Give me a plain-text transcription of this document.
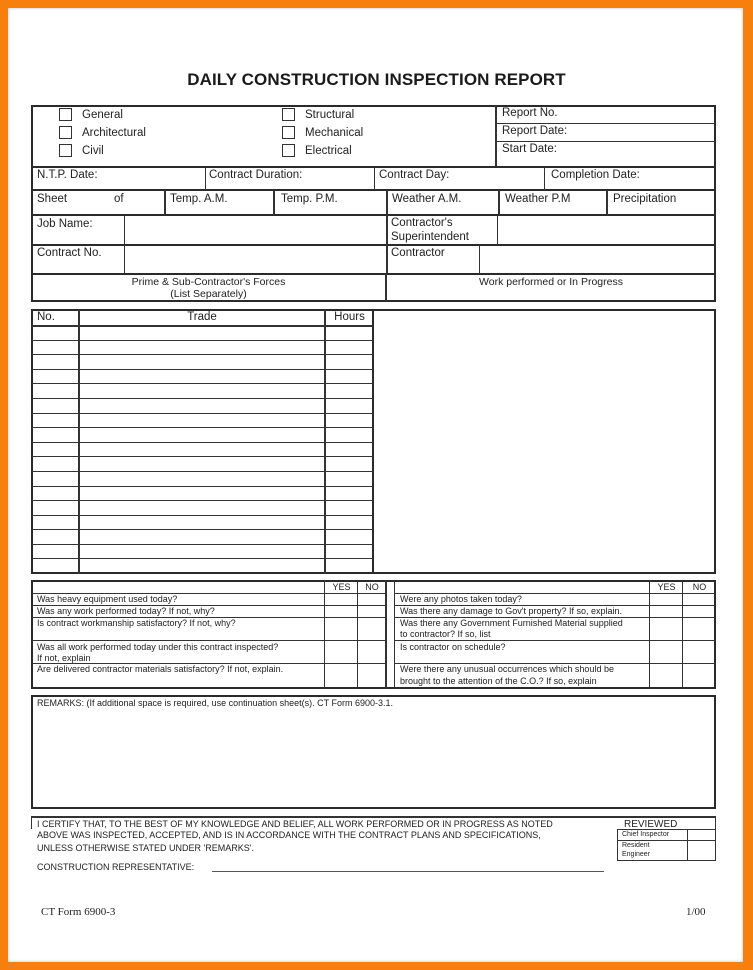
DAILY CONSTRUCTION INSPECTION REPORT
General
Architectural
Civil
Structural
Mechanical
Electrical
Report No.
Report Date:
Start Date:
N.T.P. Date:	Contract Duration:	Contract Day:	Completion Date:
Sheet	of	Temp. A.M.	Temp. P.M.	Weather A.M.	Weather P.M	Precipitation
Job Name:	Contractor's
Superintendent
Contract No.	Contractor
Prime & Sub-Contractor's Forces
(List Separately)
Work performed or In Progress
No.	Trade	Hours
YES	NO	YES	NO
Was heavy equipment used today?
Was any work performed today? If not, why?
Is contract workmanship satisfactory? If not, why?
Was all work performed today under this contract inspected?
If not, explain
Are delivered contractor materials satisfactory? If not, explain.
Were any photos taken today?
Was there any damage to Gov't property? If so, explain.
Was there any Government Furnished Material supplied
to contractor? If so, list
Is contractor on schedule?
Were there any unusual occurrences which should be
brought to the attention of the C.O.? If so, explain
REMARKS: (If additional space is required, use continuation sheet(s). CT Form 6900-3.1.
I CERTIFY THAT, TO THE BEST OF MY KNOWLEDGE AND BELIEF, ALL WORK PERFORMED OR IN PROGRESS AS NOTED
ABOVE WAS INSPECTED, ACCEPTED, AND IS IN ACCORDANCE WITH THE CONTRACT PLANS AND SPECIFICATIONS,
UNLESS OTHERWISE STATED UNDER 'REMARKS'.
CONSTRUCTION REPRESENTATIVE:
REVIEWED
Chief Inspector
Resident
Engineer
CT Form 6900-3	1/00
